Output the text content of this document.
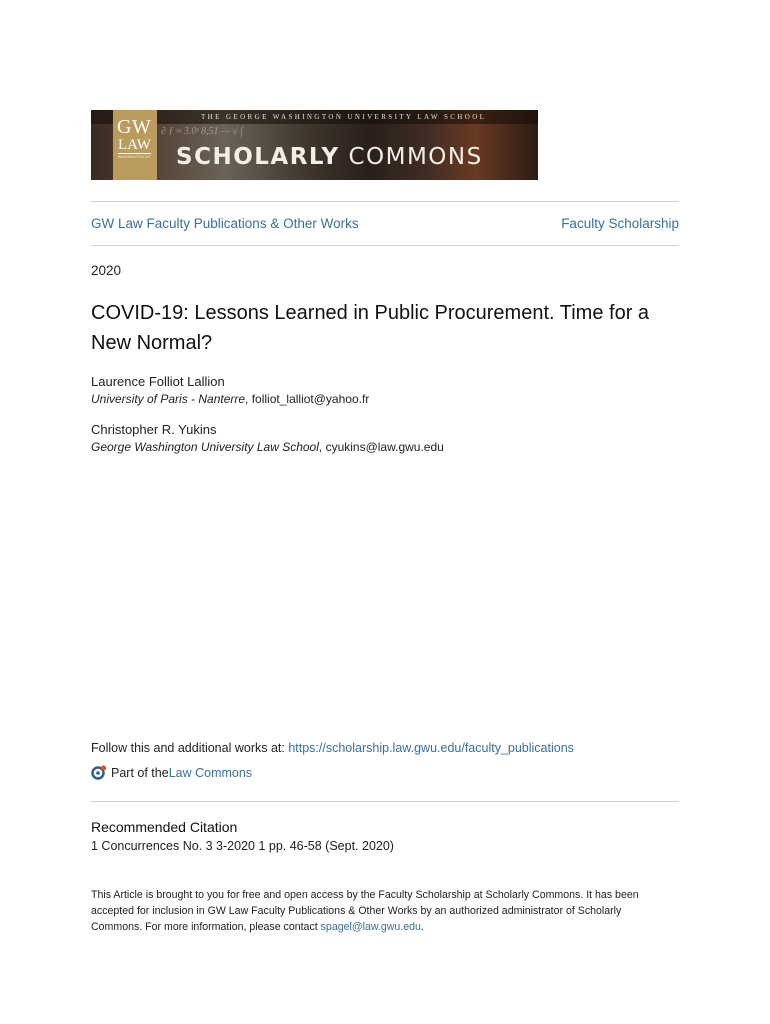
THE GEORGE WASHINGTON UNIVERSITY LAW SCHOOL
∂ ƒ ≈ 3.0ˢ 8,51 — √ ∫
GW
LAW
WASHINGTON DC SCHOLARLY COMMONS
GW Law Faculty Publications & Other Works	Faculty Scholarship
2020
COVID-19: Lessons Learned in Public Procurement. Time for a New Normal?
Laurence Folliot Lallion
University of Paris - Nanterre, folliot_lalliot@yahoo.fr
Christopher R. Yukins
George Washington University Law School, cyukins@law.gwu.edu
Follow this and additional works at: https://scholarship.law.gwu.edu/faculty_publications
Part of the Law Commons
Recommended Citation
1 Concurrences No. 3 3-2020 1 pp. 46-58 (Sept. 2020)
This Article is brought to you for free and open access by the Faculty Scholarship at Scholarly Commons. It has been accepted for inclusion in GW Law Faculty Publications & Other Works by an authorized administrator of Scholarly Commons. For more information, please contact spagel@law.gwu.edu.
